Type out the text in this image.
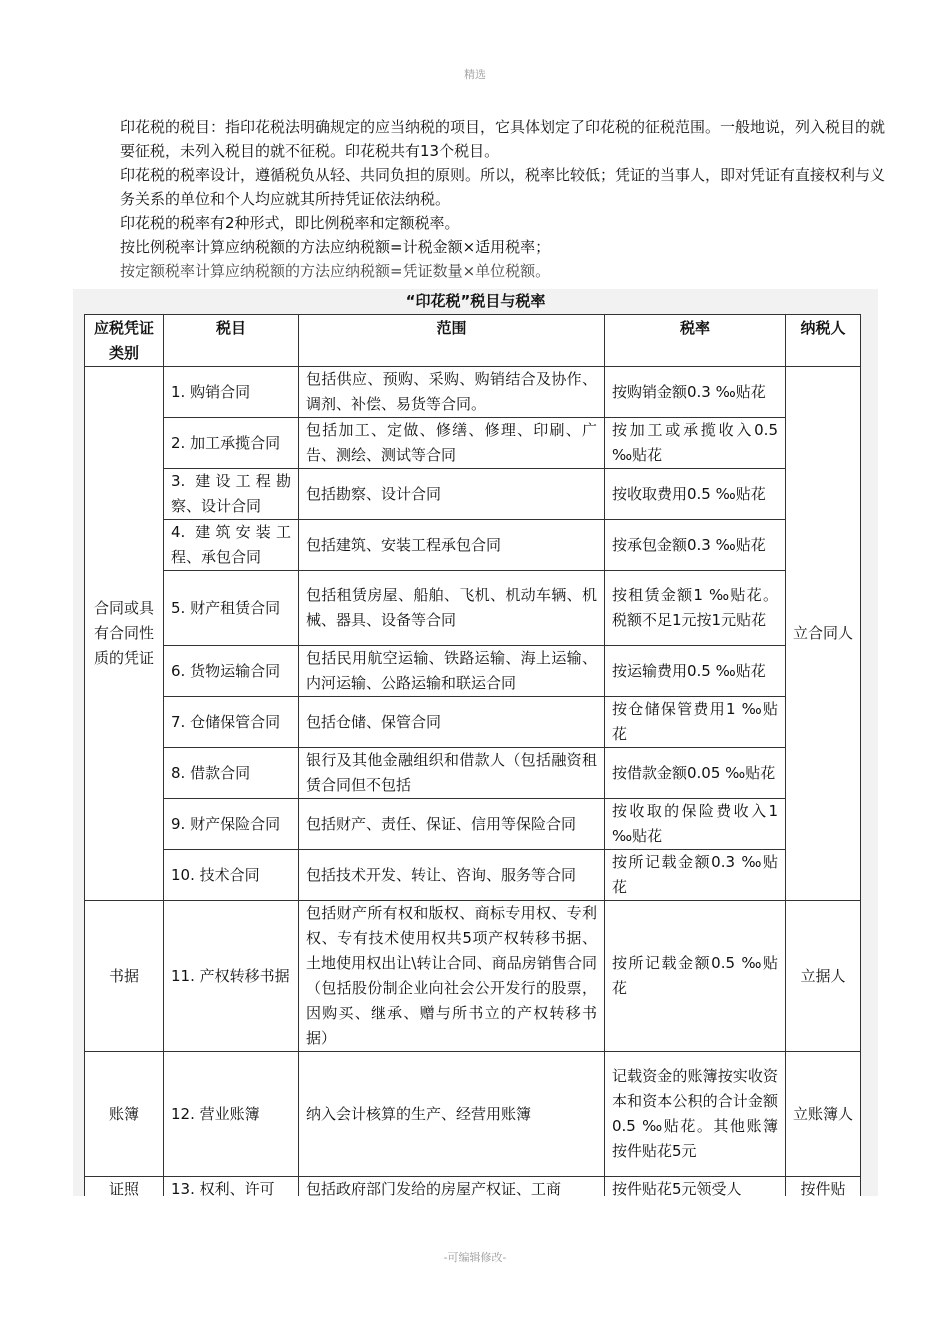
精选

印花税的税目：指印花税法明确规定的应当纳税的项目，它具体划定了印花税的征税范围。一般地说，列入税目的就要征税，未列入税目的就不征税。印花税共有13个税目。

印花税的税率设计，遵循税负从轻、共同负担的原则。所以，税率比较低；凭证的当事人，即对凭证有直接权利与义务关系的单位和个人均应就其所持凭证依法纳税。

印花税的税率有2种形式，即比例税率和定额税率。

按比例税率计算应纳税额的方法应纳税额=计税金额×适用税率；

按定额税率计算应纳税额的方法应纳税额=凭证数量×单位税额。

“印花税”税目与税率
应税凭证类别	税目	范围	税率	纳税人
合同或具有合同性质的凭证	1. 购销合同	包括供应、预购、采购、购销结合及协作、调剂、补偿、易货等合同。	按购销金额0.3 ‰贴花	立合同人
	2. 加工承揽合同	包括加工、定做、修缮、修理、印刷、广告、测绘、测试等合同	按加工或承揽收入0.5 ‰贴花	
	3. 建设工程勘察、设计合同	包括勘察、设计合同	按收取费用0.5 ‰贴花	
	4. 建筑安装工程、承包合同	包括建筑、安装工程承包合同	按承包金额0.3 ‰贴花	
	5. 财产租赁合同	包括租赁房屋、船舶、飞机、机动车辆、机械、器具、设备等合同	按租赁金额1 ‰贴花。税额不足1元按1元贴花	
	6. 货物运输合同	包括民用航空运输、铁路运输、海上运输、内河运输、公路运输和联运合同	按运输费用0.5 ‰贴花	
	7. 仓储保管合同	包括仓储、保管合同	按仓储保管费用1 ‰贴花	
	8. 借款合同	银行及其他金融组织和借款人（包括融资租赁合同但不包括	按借款金额0.05 ‰贴花	
	9. 财产保险合同	包括财产、责任、保证、信用等保险合同	按收取的保险费收入1 ‰贴花	
	10. 技术合同	包括技术开发、转让、咨询、服务等合同	按所记载金额0.3 ‰贴花	
书据	11. 产权转移书据	包括财产所有权和版权、商标专用权、专利权、专有技术使用权共5项产权转移书据、土地使用权出让\转让合同、商品房销售合同（包括股份制企业向社会公开发行的股票，因购买、继承、赠与所书立的产权转移书据）	按所记载金额0.5 ‰贴花	立据人
账簿	12. 营业账簿	纳入会计核算的生产、经营用账簿	记载资金的账簿按实收资本和资本公积的合计金额0.5 ‰贴花。其他账簿按件贴花5元	立账簿人
证照	13. 权利、许可	包括政府部门发给的房屋产权证、工商	按件贴花5元领受人	按件贴
-可编辑修改-
